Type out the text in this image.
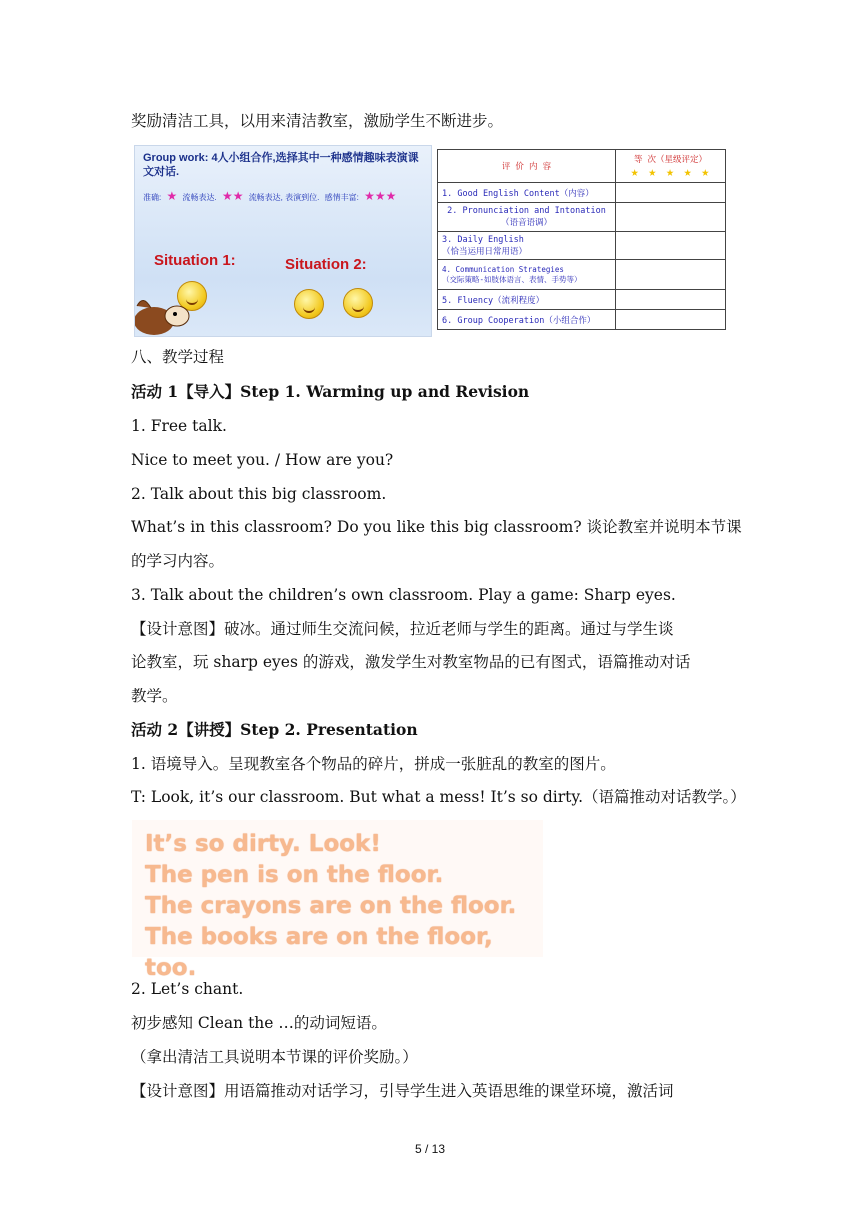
奖励清洁工具，以用来清洁教室，激励学生不断进步。
Group work: 4人小组合作,选择其中一种感情趣味表演课文对话.
准确: ★ 流畅表达. ★★ 流畅表达, 表演到位. 感情丰富: ★★★
Situation 1:	Situation 2:
评 价 内 容	等 次（星级评定）
★ ★ ★ ★ ★

1. Good English Content（内容）	
2. Pronunciation and Intonation
（语音语调）	
3. Daily English
（恰当运用日常用语）	
4. Communication Strategies
（交际策略-如肢体语言、表情、手势等）	
5. Fluency（流利程度）	
6. Group Cooperation（小组合作）	
八、教学过程
活动 1【导入】Step 1. Warming up and Revision
1. Free talk.
Nice to meet you. / How are you?
2. Talk about this big classroom.
What’s in this classroom? Do you like this big classroom? 谈论教室并说明本节课
的学习内容。
3. Talk about the children’s own classroom. Play a game: Sharp eyes.
【设计意图】破冰。通过师生交流问候，拉近老师与学生的距离。通过与学生谈
论教室，玩 sharp eyes 的游戏，激发学生对教室物品的已有图式，语篇推动对话
教学。
活动 2【讲授】Step 2. Presentation
1. 语境导入。呈现教室各个物品的碎片，拼成一张脏乱的教室的图片。
T: Look, it’s our classroom. But what a mess! It’s so dirty.（语篇推动对话教学。）
It’s so dirty. Look!
The pen is on the floor.
The crayons are on the floor.
The books are on the floor, too.
2. Let’s chant.
初步感知 Clean the …的动词短语。
（拿出清洁工具说明本节课的评价奖励。）
【设计意图】用语篇推动对话学习，引导学生进入英语思维的课堂环境，激活词
5 / 13
